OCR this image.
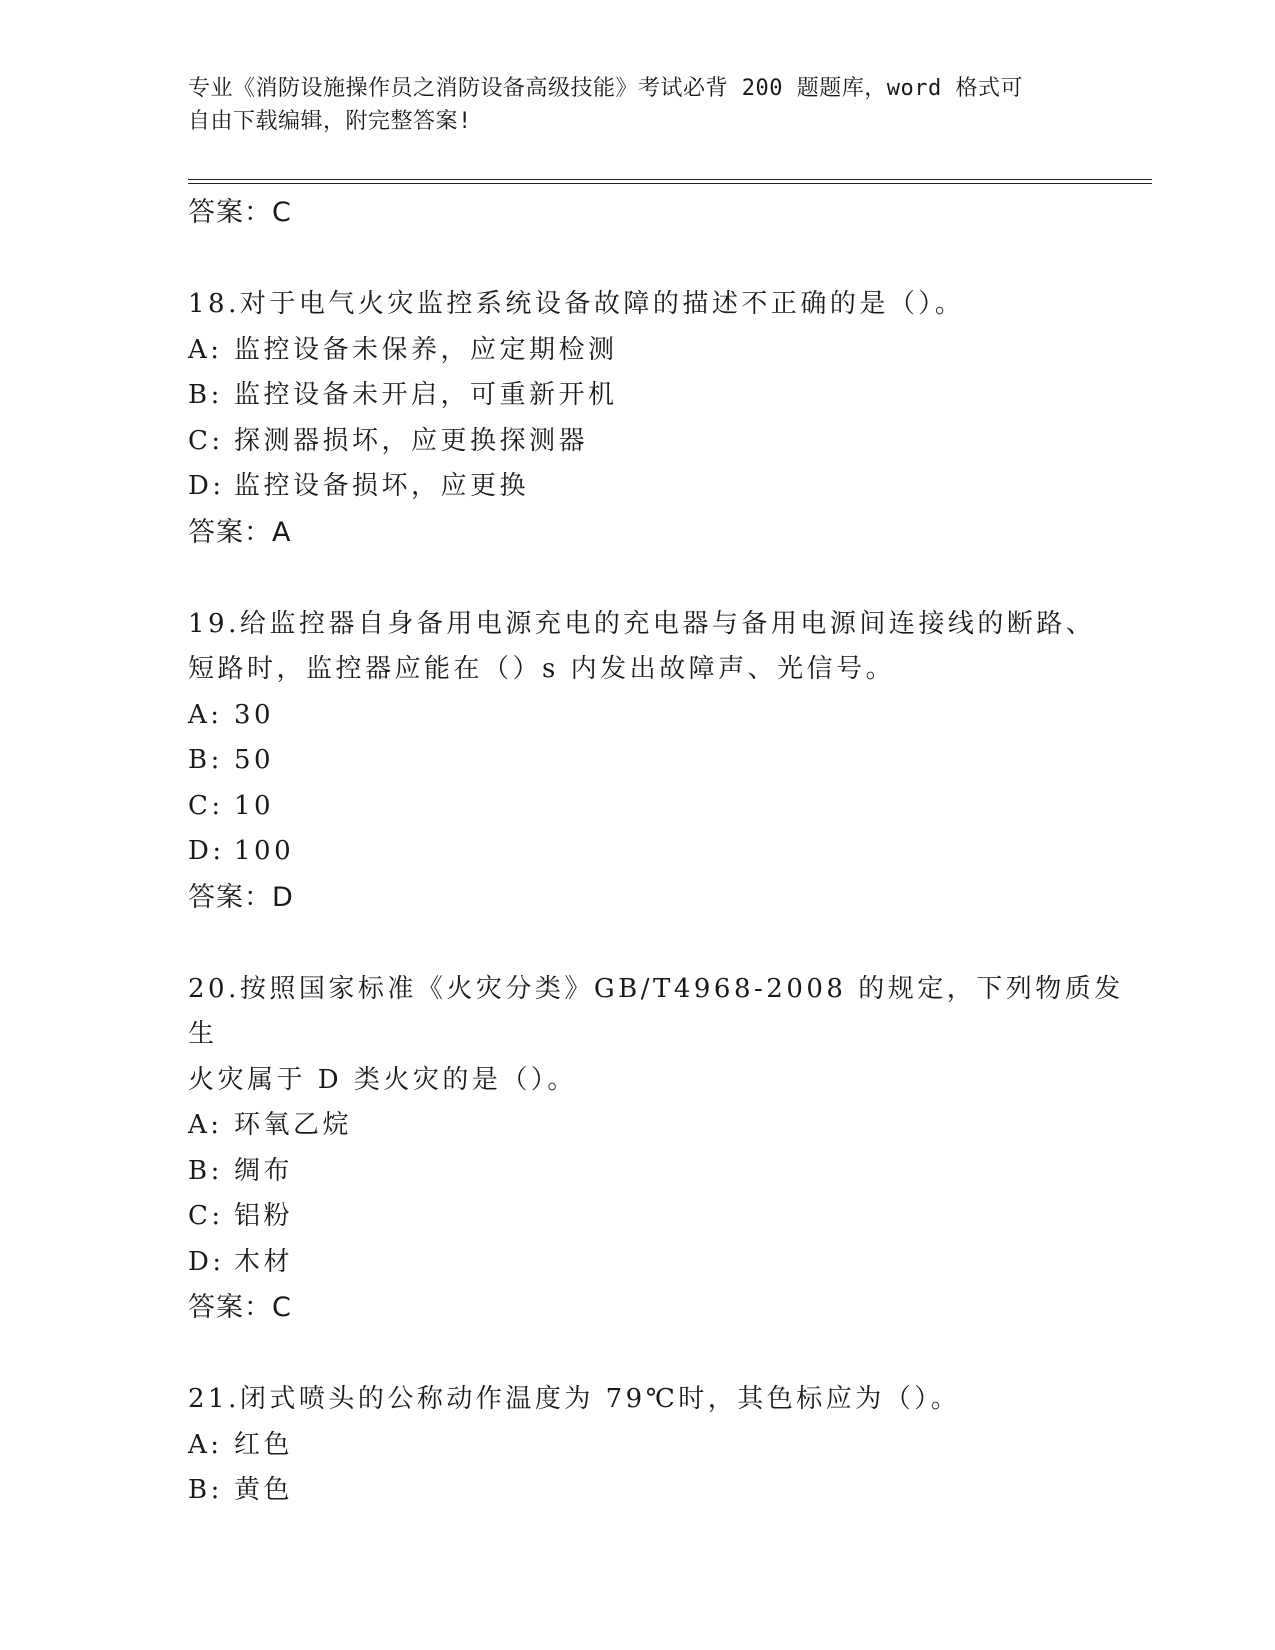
专业《消防设施操作员之消防设备高级技能》考试必背 200 题题库，word 格式可
自由下载编辑，附完整答案!
答案：C
18.对于电气火灾监控系统设备故障的描述不正确的是（）。
A: 监控设备未保养，应定期检测
B: 监控设备未开启，可重新开机
C: 探测器损坏，应更换探测器
D: 监控设备损坏，应更换
答案：A
19.给监控器自身备用电源充电的充电器与备用电源间连接线的断路、
短路时，监控器应能在（）s 内发出故障声、光信号。
A: 30
B: 50
C: 10
D: 100
答案：D
20.按照国家标准《火灾分类》GB/T4968-2008 的规定，下列物质发生
火灾属于 D 类火灾的是（）。
A: 环氧乙烷
B: 绸布
C: 铝粉
D: 木材
答案：C
21.闭式喷头的公称动作温度为 79℃时，其色标应为（）。
A: 红色
B: 黄色
